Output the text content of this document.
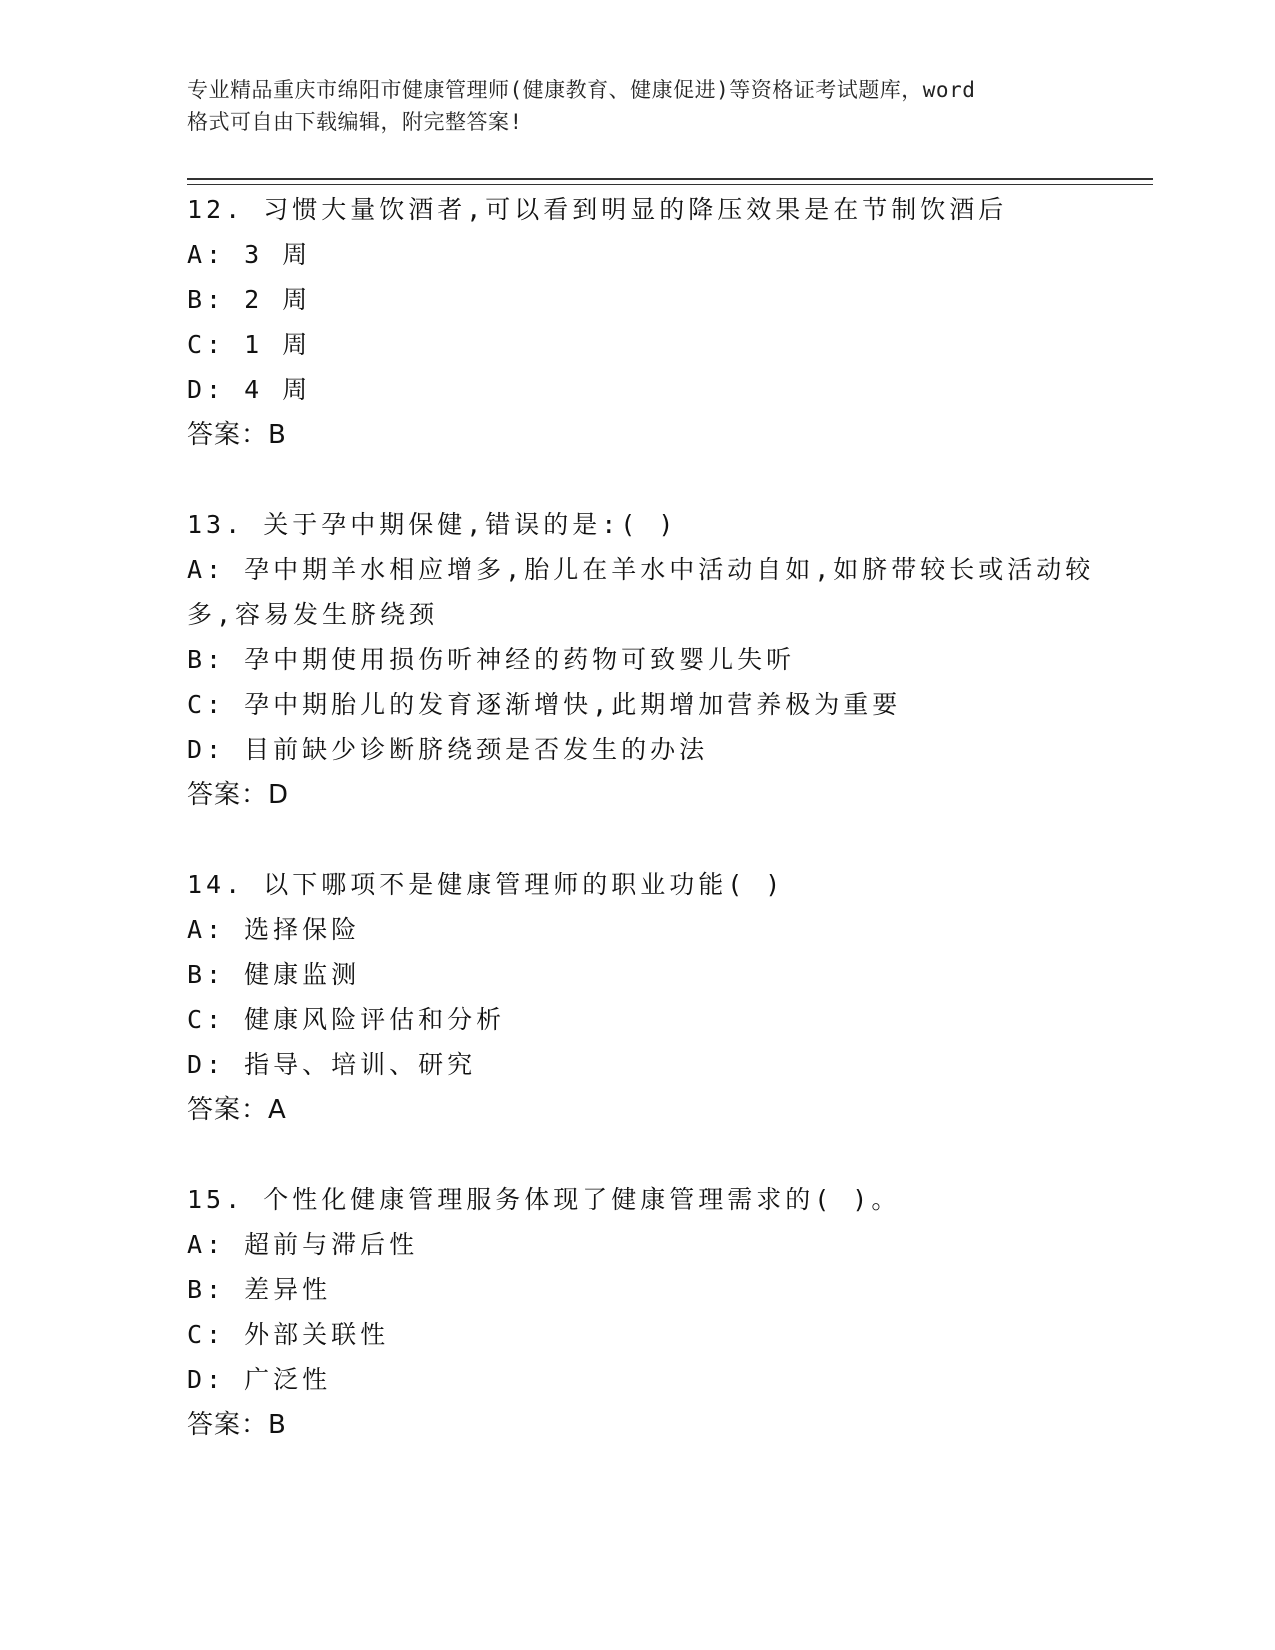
专业精品重庆市绵阳市健康管理师(健康教育、健康促进)等资格证考试题库，word
格式可自由下载编辑，附完整答案!
12. 习惯大量饮酒者,可以看到明显的降压效果是在节制饮酒后
A: 3 周
B: 2 周
C: 1 周
D: 4 周
答案：B
13. 关于孕中期保健,错误的是:( )
A: 孕中期羊水相应增多,胎儿在羊水中活动自如,如脐带较长或活动较
多,容易发生脐绕颈
B: 孕中期使用损伤听神经的药物可致婴儿失听
C: 孕中期胎儿的发育逐渐增快,此期增加营养极为重要
D: 目前缺少诊断脐绕颈是否发生的办法
答案：D
14. 以下哪项不是健康管理师的职业功能( )
A: 选择保险
B: 健康监测
C: 健康风险评估和分析
D: 指导、培训、研究
答案：A
15. 个性化健康管理服务体现了健康管理需求的( )。
A: 超前与滞后性
B: 差异性
C: 外部关联性
D: 广泛性
答案：B
